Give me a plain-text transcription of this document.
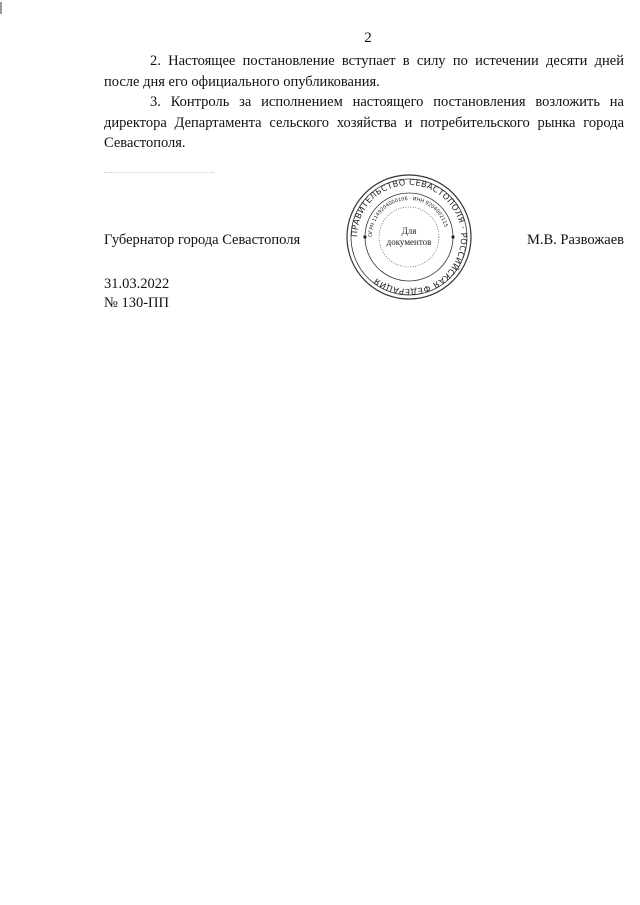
2

2. Настоящее постановление вступает в силу по истечении десяти дней после дня его официального опубликования.

3. Контроль за исполнением настоящего постановления возложить на директора Департамента сельского хозяйства и потребительского рынка города Севастополя.

Губернатор города Севастополя	М.В. Развожаев
ПРАВИТЕЛЬСТВО СЕВАСТОПОЛЯ · РОССИЙСКАЯ ФЕДЕРАЦИЯ
ОГРН 1149204000106 · ИНН 9204002115
Для
документов
31.03.2022
№ 130-ПП
